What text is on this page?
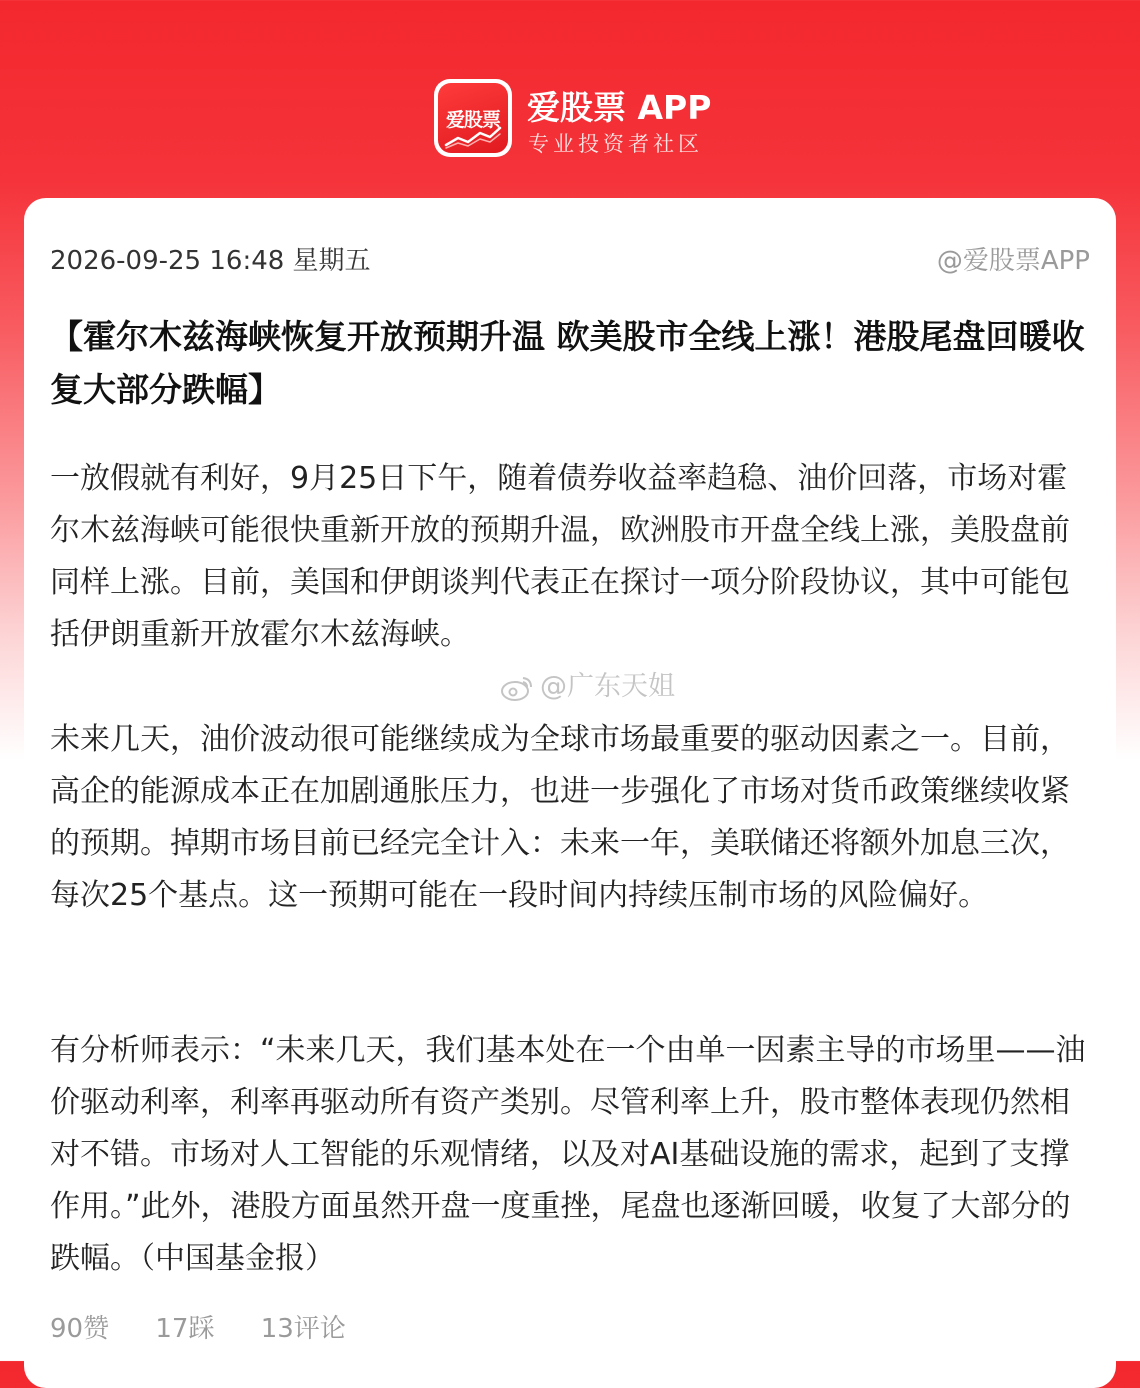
爱股票 爱股票 APP
专业投资者社区
2026-09-25 16:48 星期五	@爱股票APP
【霍尔木兹海峡恢复开放预期升温 欧美股市全线上涨！港股尾盘回暖收复大部分跌幅】

一放假就有利好，9月25日下午，随着债券收益率趋稳、油价回落，市场对霍尔木兹海峡可能很快重新开放的预期升温，欧洲股市开盘全线上涨，美股盘前同样上涨。目前，美国和伊朗谈判代表正在探讨一项分阶段协议，其中可能包括伊朗重新开放霍尔木兹海峡。

@广东天姐

未来几天，油价波动很可能继续成为全球市场最重要的驱动因素之一。目前，高企的能源成本正在加剧通胀压力，也进一步强化了市场对货币政策继续收紧的预期。掉期市场目前已经完全计入：未来一年，美联储还将额外加息三次，每次25个基点。这一预期可能在一段时间内持续压制市场的风险偏好。

有分析师表示：“未来几天，我们基本处在一个由单一因素主导的市场里——油价驱动利率，利率再驱动所有资产类别。尽管利率上升，股市整体表现仍然相对不错。市场对人工智能的乐观情绪，以及对AI基础设施的需求，起到了支撑作用。”此外，港股方面虽然开盘一度重挫，尾盘也逐渐回暖，收复了大部分的跌幅。（中国基金报）

90赞 17踩 13评论
